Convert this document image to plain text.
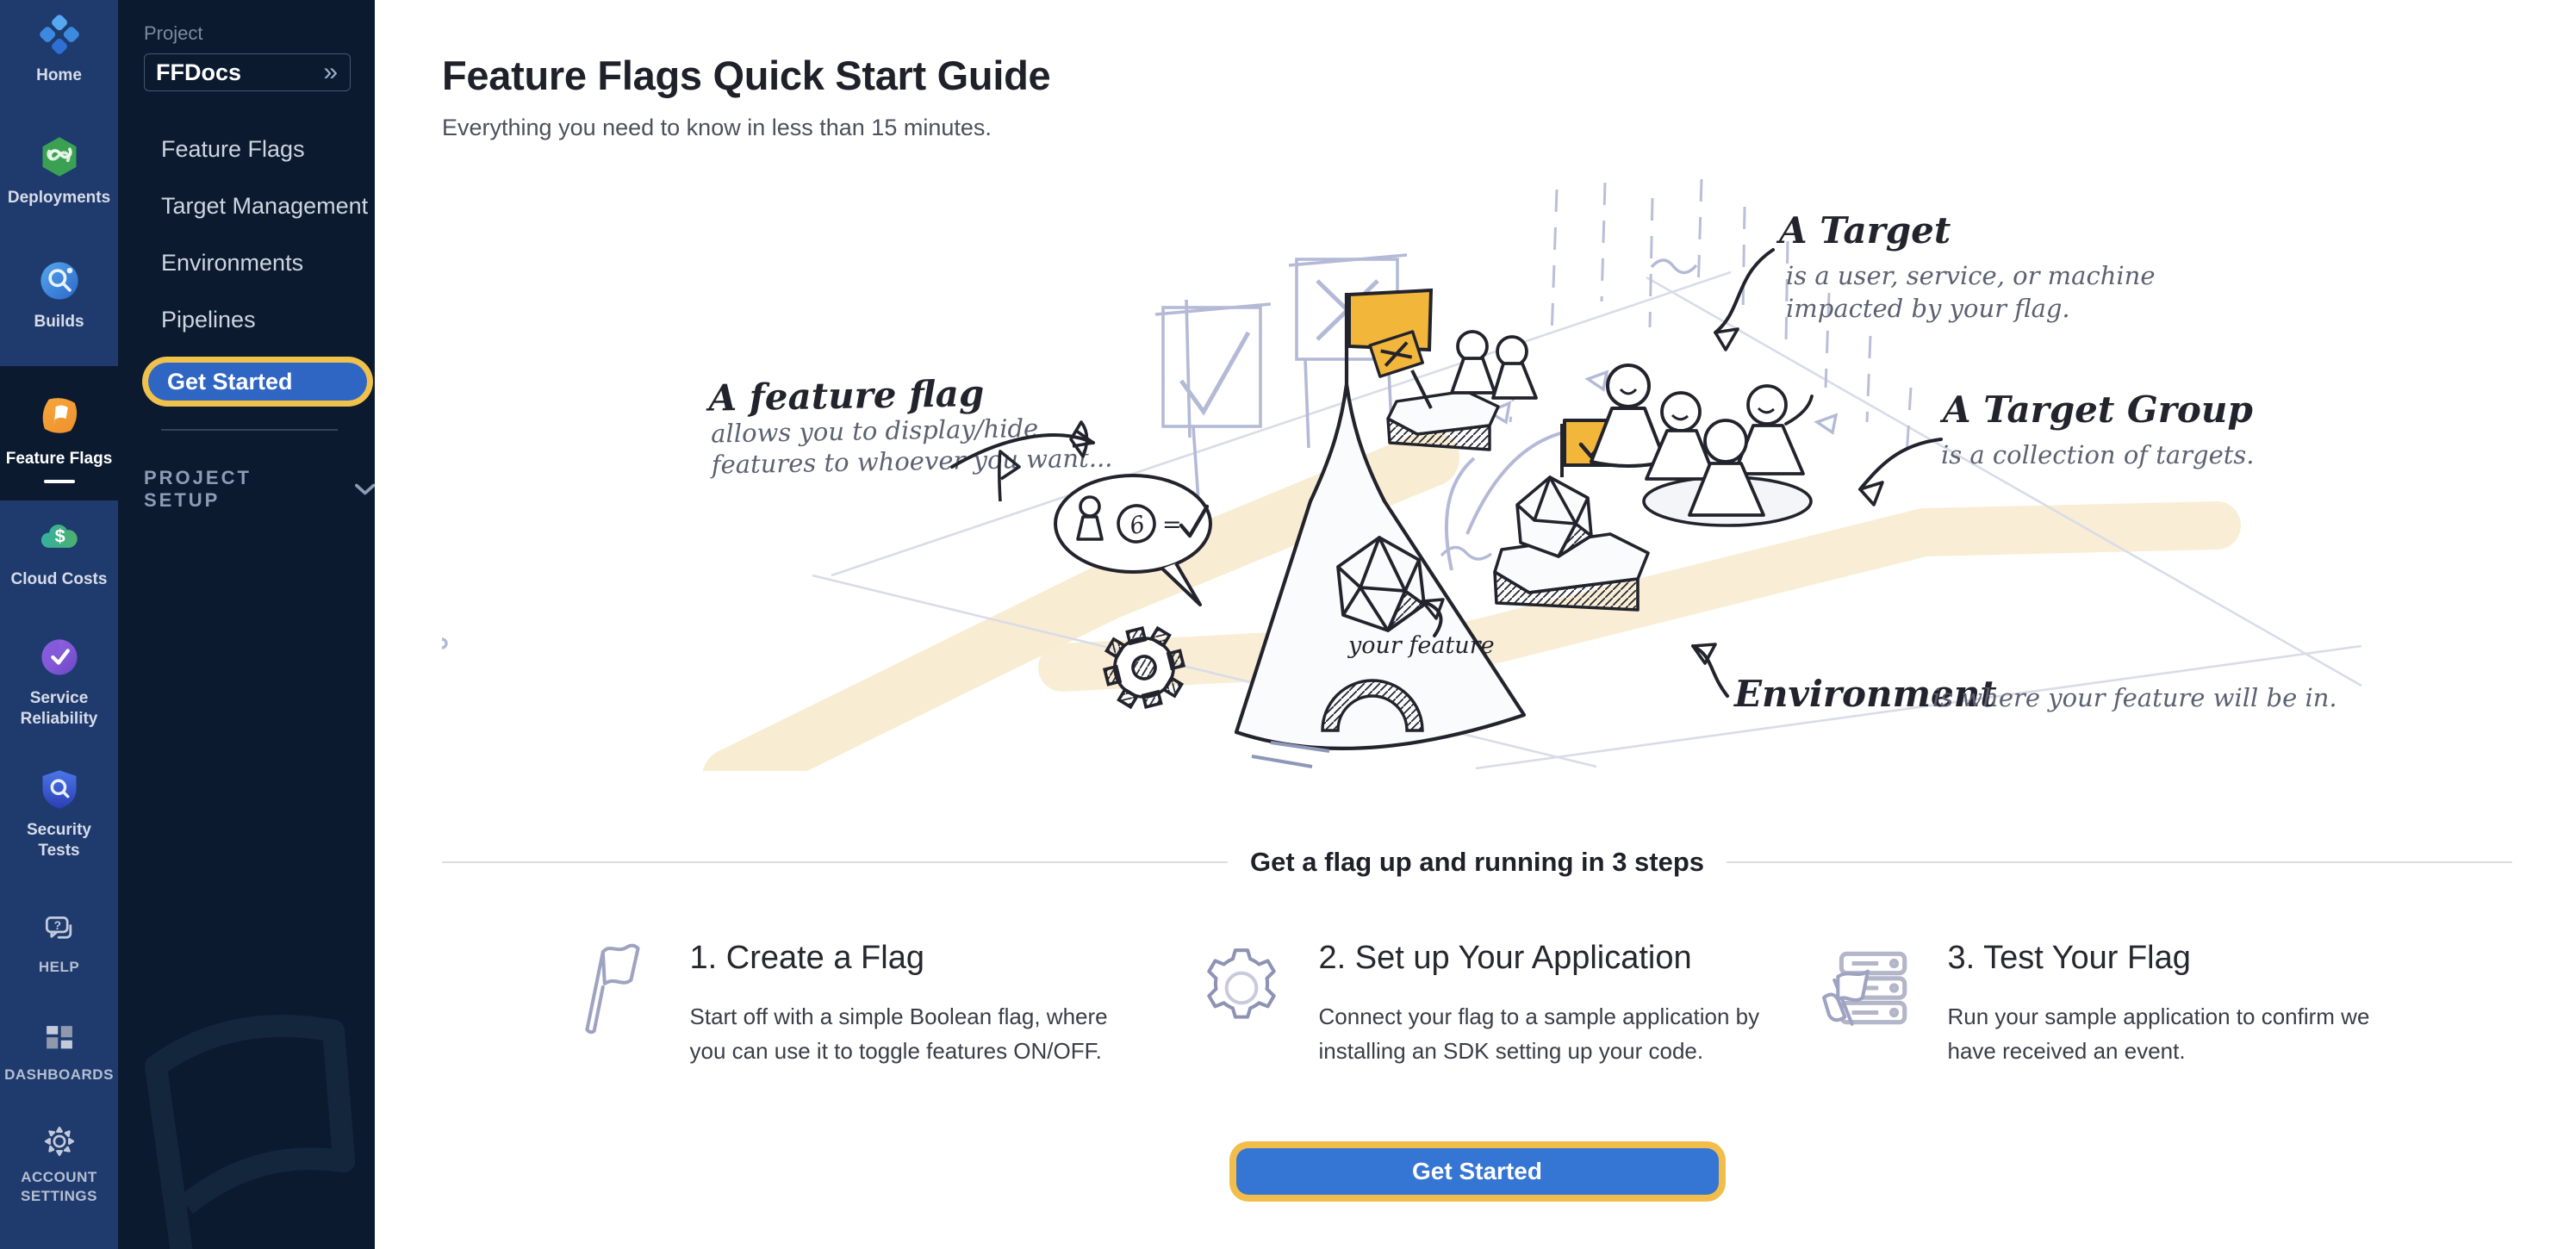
Home
Deployments
Builds
Feature Flags
$
Cloud Costs
Service Reliability
Security Tests
?
HELP
DASHBOARDS
ACCOUNT SETTINGS
Project
FFDocs	»
Feature Flags
Target Management
Environments
Pipelines
Get Started
PROJECT SETUP
Feature Flags Quick Start Guide
Everything you need to know in less than 15 minutes.
6 =
A feature flag
allows you to display/hide
features to whoever you want...
A Target
is a user, service, or machine
impacted by your flag.
A Target Group
is a collection of targets.
Environment
is where your feature will be in.
your feature
Get a flag up and running in 3 steps
1. Create a Flag
Start off with a simple Boolean flag, where you can use it to toggle features ON/OFF.
2. Set up Your Application
Connect your flag to a sample application by installing an SDK setting up your code.
3. Test Your Flag
Run your sample application to confirm we have received an event.
Get Started
